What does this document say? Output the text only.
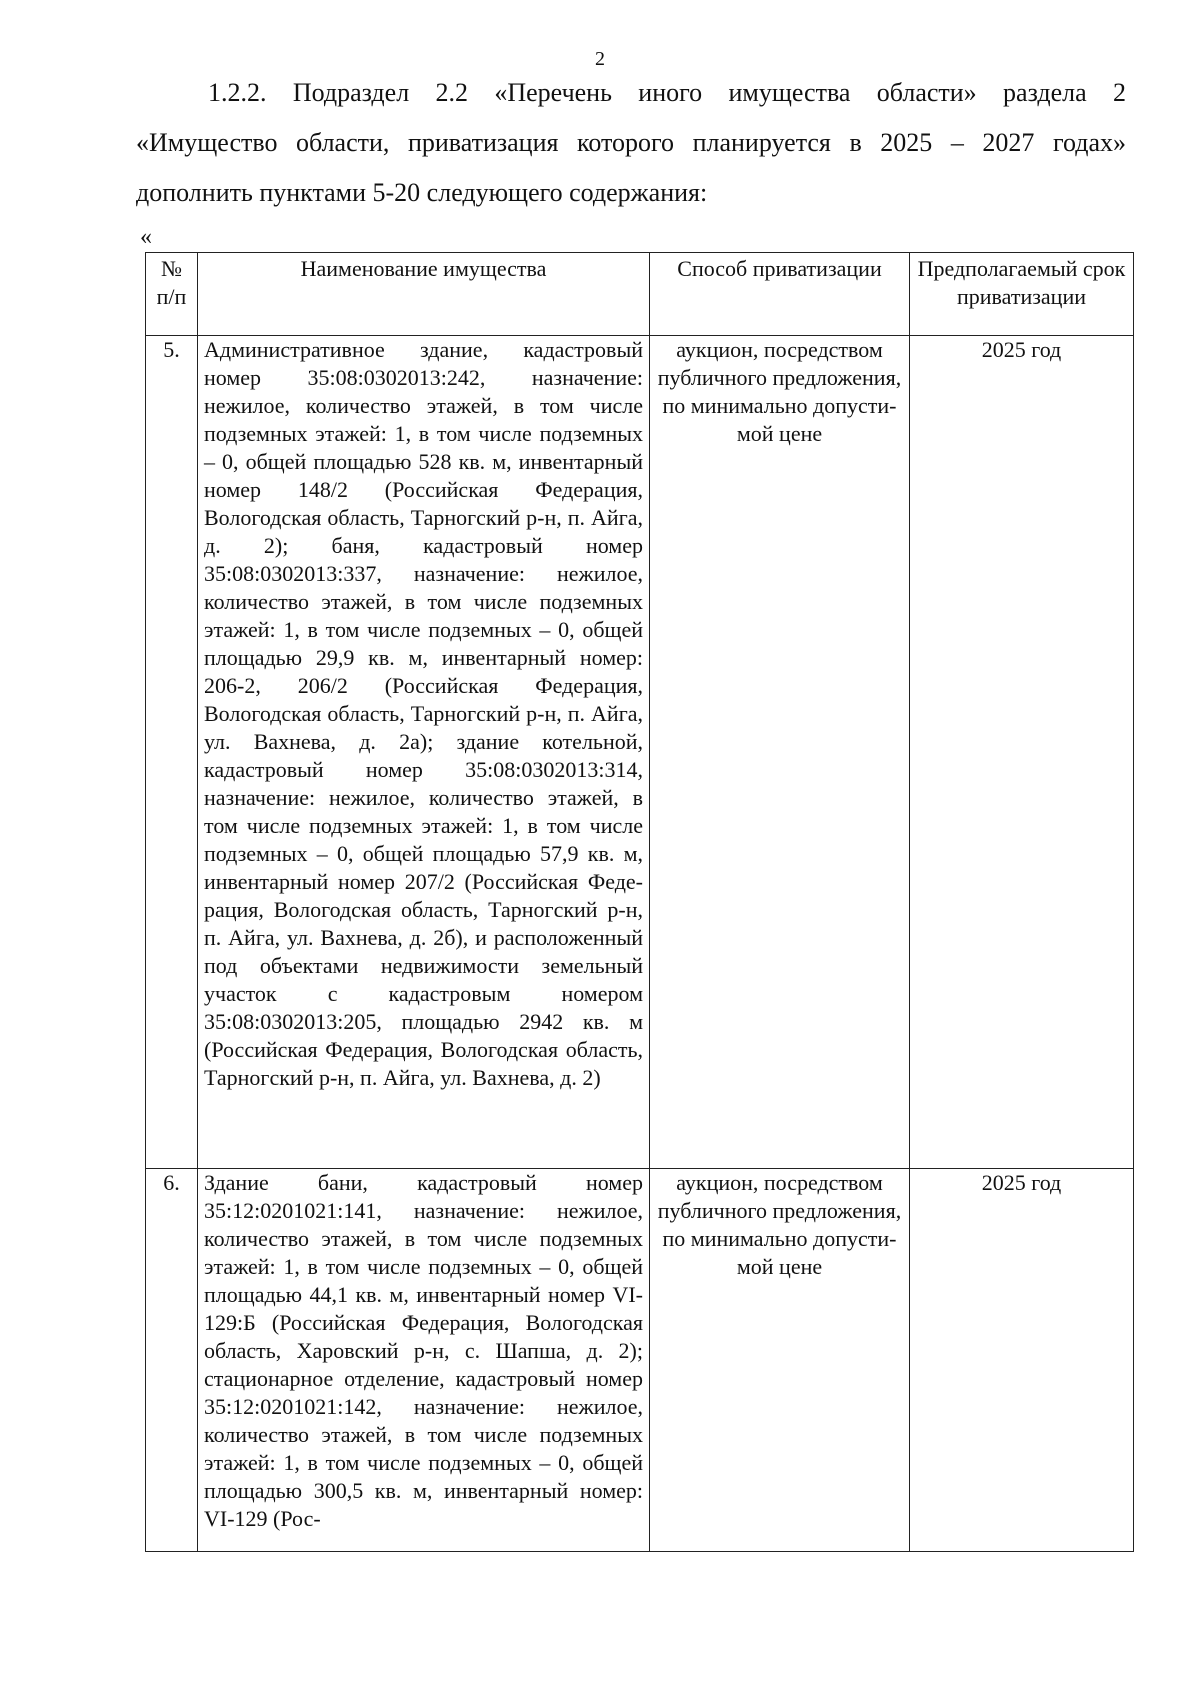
2
1.2.2. Подраздел 2.2 «Перечень иного имущества области» раздела 2
«Имущество области, приватизация которого планируется в 2025 – 2027 годах»
дополнить пунктами 5-20 следующего содержания:
«
№ п/п	Наименование имущества	Способ приватизации	Предполагаемый срок приватизации
5.	Административное здание, кадастровый номер 35:08:0302013:242, назначение: нежилое, количество этажей, в том числе подземных этажей: 1, в том числе подземных – 0, общей площадью 528 кв. м, инвентарный номер 148/2 (Российская Федерация, Вологодская область, Тарногский р-н, п. Айга, д. 2); баня, кадастровый номер 35:08:0302013:337, назначение: нежилое, количество этажей, в том числе подземных этажей: 1, в том числе подземных – 0, общей площадью 29,9 кв. м, инвентарный номер: 206-2, 206/2 (Российская Федерация, Вологодская область, Тарногский р-н, п. Айга, ул. Вахнева, д. 2а); здание котельной, кадастровый номер 35:08:0302013:314, назначение: нежилое, количество этажей, в том числе подземных этажей: 1, в том числе подземных – 0, общей площадью 57,9 кв. м, инвентарный номер 207/2 (Российская Федерация, Вологодская область, Тарногский р-н, п. Айга, ул. Вахнева, д. 2б), и расположенный под объектами недвижимости земельный участок с кадастровым номером 35:08:0302013:205, площадью 2942 кв. м (Российская Федерация, Вологодская область, Тарногский р-н, п. Айга, ул. Вахнева, д. 2)	аукцион, посредством публичного предложения, по минимально допустимой цене	2025 год
6.	Здание бани, кадастровый номер 35:12:0201021:141, назначение: нежилое, количество этажей, в том числе подземных этажей: 1, в том числе подземных – 0, общей площадью 44,1 кв. м, инвентарный номер VI-129:Б (Российская Федерация, Вологодская область, Харовский р-н, с. Шапша, д. 2); стационарное отделение, кадастровый номер 35:12:0201021:142, назначение: нежилое, количество этажей, в том числе подземных этажей: 1, в том числе подземных – 0, общей площадью 300,5 кв. м, инвентарный номер: VI-129 (Рос-	аукцион, посредством публичного предложения, по минимально допустимой цене	2025 год
